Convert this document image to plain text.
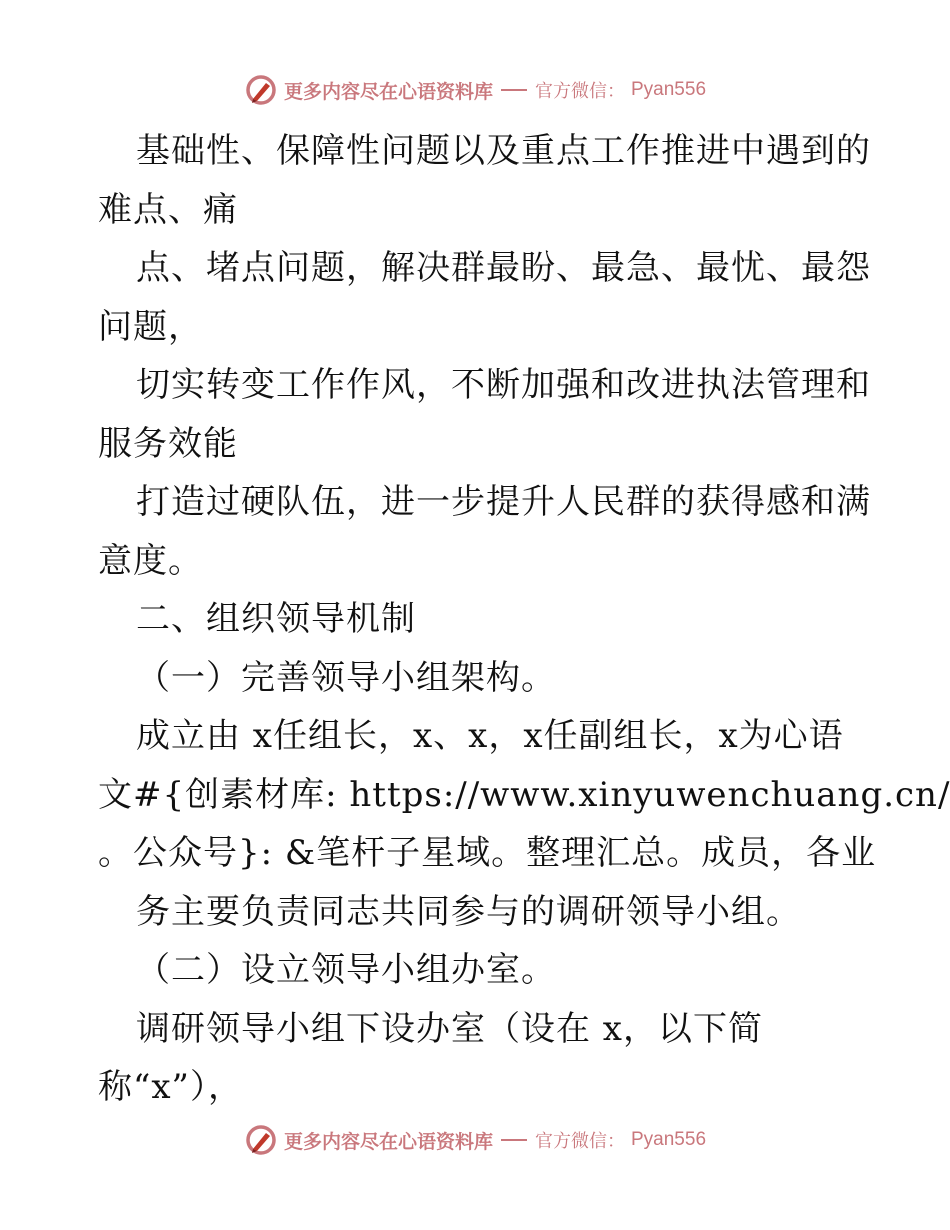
更多内容尽在心语资料库 官方微信： Pyan556
基础性、保障性问题以及重点工作推进中遇到的
难点、痛
点、堵点问题，解决群最盼、最急、最忧、最怨
问题，
切实转变工作作风，不断加强和改进执法管理和
服务效能
打造过硬队伍，进一步提升人民群的获得感和满
意度。
二、组织领导机制
（一）完善领导小组架构。
成立由 x任组长，x、x，x任副组长，x为心语
文#{创素材库: https://www.xinyuwenchuang.cn/
。公众号}: &笔杆子星域。整理汇总。成员，各业
务主要负责同志共同参与的调研领导小组。
（二）设立领导小组办室。
调研领导小组下设办室（设在 x，以下简
称“x”），
更多内容尽在心语资料库 官方微信： Pyan556
